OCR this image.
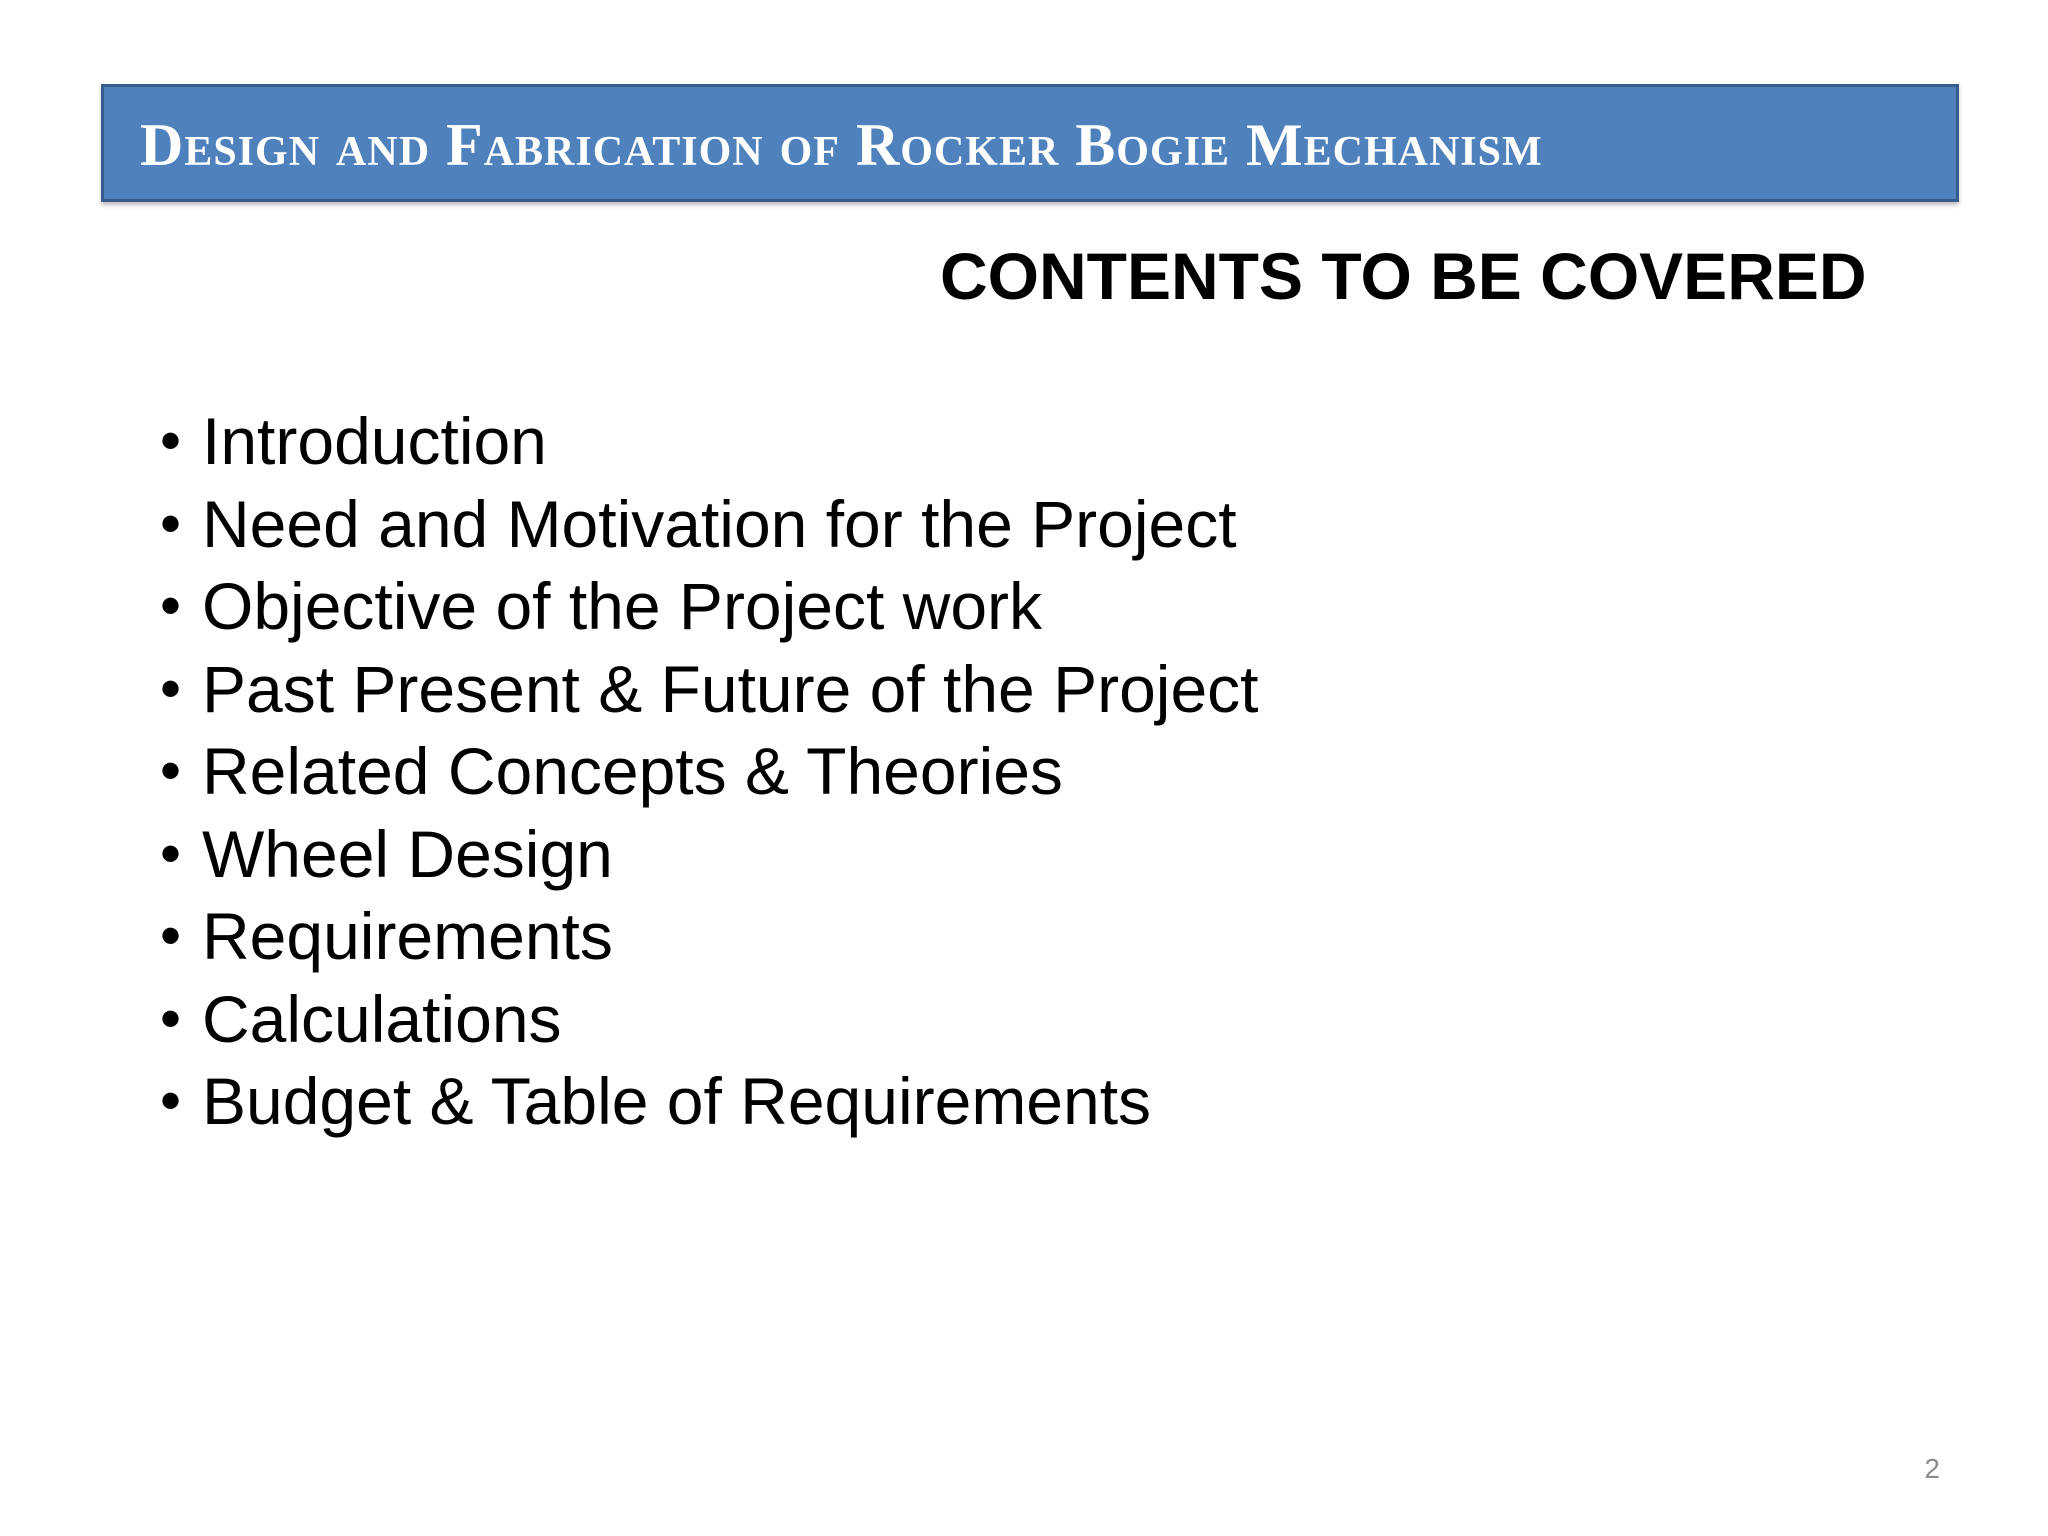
Design and Fabrication of Rocker Bogie Mechanism
CONTENTS TO BE COVERED
• Introduction
• Need and Motivation for the Project
• Objective of the Project work
• Past Present & Future of the Project
• Related Concepts & Theories
• Wheel Design
• Requirements
• Calculations
• Budget & Table of Requirements
2
